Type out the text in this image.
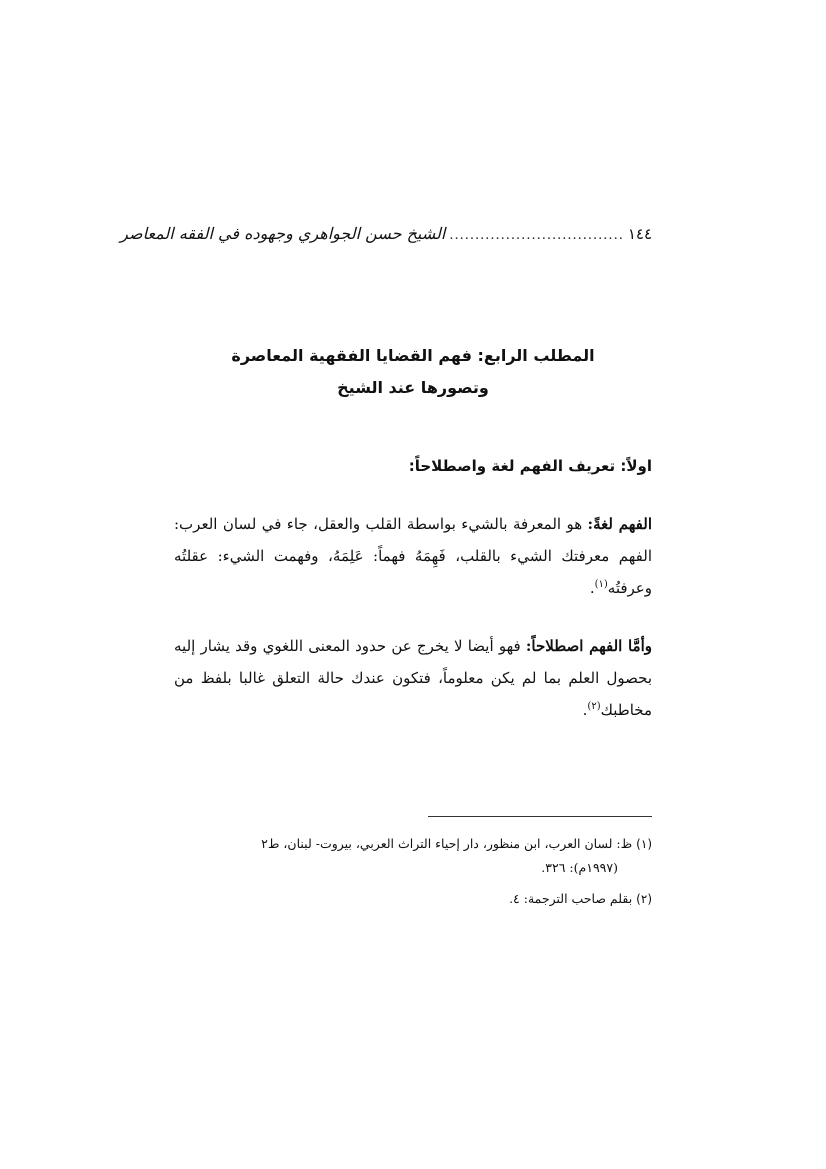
١٤٤
..................................
الشيخ حسن الجواهري وجهوده في الفقه المعاصر
المطلب الرابع: فهم القضايا الفقهية المعاصرة
وتصورها عند الشيخ
اولاً: تعريف الفهم لغة واصطلاحاً:

الفهم لغةً: هو المعرفة بالشيء بواسطة القلب والعقل، جاء في لسان العرب: الفهم معرفتك الشيء بالقلب، فَهِمَهُ فهماً: عَلِمَهُ، وفهمت الشيء: عقلتُه وعرفتُه$^{(١)}$.

وأمَّا الفهم اصطلاحاً: فهو أيضا لا يخرج عن حدود المعنى اللغوي وقد يشار إليه بحصول العلم بما لم يكن معلوماً، فتكون عندك حالة التعلق غالبا بلفظ من مخاطبك$^{(٢)}$.

(١) ظ: لسان العرب، ابن منظور، دار إحياء التراث العربي، بيروت- لبنان، ط٢
(١٩٩٧م): ٣٢٦.

(٢) بقلم صاحب الترجمة: ٤.
